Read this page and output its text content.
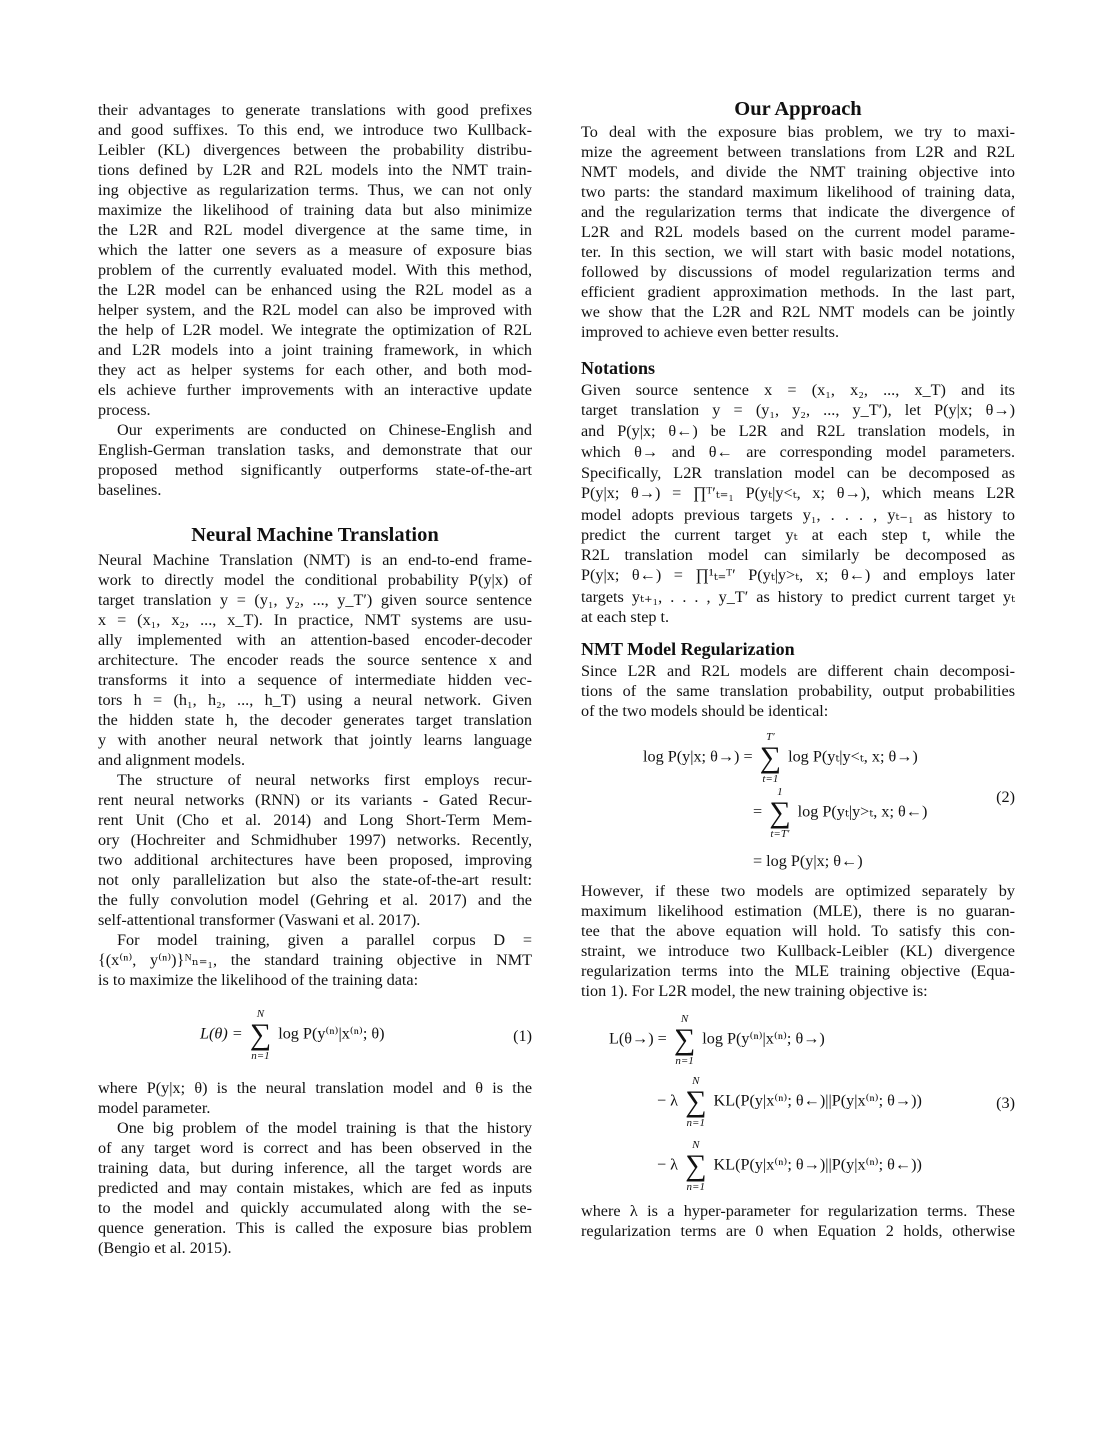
their advantages to generate translations with good prefixes
and good suffixes. To this end, we introduce two Kullback-
Leibler (KL) divergences between the probability distribu-
tions defined by L2R and R2L models into the NMT train-
ing objective as regularization terms. Thus, we can not only
maximize the likelihood of training data but also minimize
the L2R and R2L model divergence at the same time, in
which the latter one severs as a measure of exposure bias
problem of the currently evaluated model. With this method,
the L2R model can be enhanced using the R2L model as a
helper system, and the R2L model can also be improved with
the help of L2R model. We integrate the optimization of R2L
and L2R models into a joint training framework, in which
they act as helper systems for each other, and both mod-
els achieve further improvements with an interactive update
process.
Our experiments are conducted on Chinese-English and
English-German translation tasks, and demonstrate that our
proposed method significantly outperforms state-of-the-art
baselines.
Neural Machine Translation
Neural Machine Translation (NMT) is an end-to-end frame-
work to directly model the conditional probability P(y|x) of
target translation y = (y₁, y₂, ..., y_T′) given source sentence
x = (x₁, x₂, ..., x_T). In practice, NMT systems are usu-
ally implemented with an attention-based encoder-decoder
architecture. The encoder reads the source sentence x and
transforms it into a sequence of intermediate hidden vec-
tors h = (h₁, h₂, ..., h_T) using a neural network. Given
the hidden state h, the decoder generates target translation
y with another neural network that jointly learns language
and alignment models.
The structure of neural networks first employs recur-
rent neural networks (RNN) or its variants - Gated Recur-
rent Unit (Cho et al. 2014) and Long Short-Term Mem-
ory (Hochreiter and Schmidhuber 1997) networks. Recently,
two additional architectures have been proposed, improving
not only parallelization but also the state-of-the-art result:
the fully convolution model (Gehring et al. 2017) and the
self-attentional transformer (Vaswani et al. 2017).
For model training, given a parallel corpus D =
{(x⁽ⁿ⁾, y⁽ⁿ⁾)}ᴺₙ₌₁, the standard training objective in NMT
is to maximize the likelihood of the training data:
L(θ) =
N
∑
n=1
log P(y⁽ⁿ⁾|x⁽ⁿ⁾; θ)	(1)
where P(y|x; θ) is the neural translation model and θ is the
model parameter.
One big problem of the model training is that the history
of any target word is correct and has been observed in the
training data, but during inference, all the target words are
predicted and may contain mistakes, which are fed as inputs
to the model and quickly accumulated along with the se-
quence generation. This is called the exposure bias problem
(Bengio et al. 2015).
Our Approach
To deal with the exposure bias problem, we try to maxi-
mize the agreement between translations from L2R and R2L
NMT models, and divide the NMT training objective into
two parts: the standard maximum likelihood of training data,
and the regularization terms that indicate the divergence of
L2R and R2L models based on the current model parame-
ter. In this section, we will start with basic model notations,
followed by discussions of model regularization terms and
efficient gradient approximation methods. In the last part,
we show that the L2R and R2L NMT models can be jointly
improved to achieve even better results.
Notations
Given source sentence x = (x₁, x₂, ..., x_T) and its
target translation y = (y₁, y₂, ..., y_T′), let P(y|x; θ→)
and P(y|x; θ←) be L2R and R2L translation models, in
which θ→ and θ← are corresponding model parameters.
Specifically, L2R translation model can be decomposed as
P(y|x; θ→) = ∏ᵀ′ₜ₌₁ P(yₜ|y<ₜ, x; θ→), which means L2R
model adopts previous targets y₁, . . . , yₜ₋₁ as history to
predict the current target yₜ at each step t, while the
R2L translation model can similarly be decomposed as
P(y|x; θ←) = ∏¹ₜ₌ᵀ′ P(yₜ|y>ₜ, x; θ←) and employs later
targets yₜ₊₁, . . . , y_T′ as history to predict current target yₜ
at each step t.
NMT Model Regularization
Since L2R and R2L models are different chain decomposi-
tions of the same translation probability, output probabilities
of the two models should be identical:
log P(y|x; θ→) =
T′
∑
t=1
log P(yₜ|y<ₜ, x; θ→)
=
1
∑
t=T′
log P(yₜ|y>ₜ, x; θ←)
= log P(y|x; θ←)
(2)
However, if these two models are optimized separately by
maximum likelihood estimation (MLE), there is no guaran-
tee that the above equation will hold. To satisfy this con-
straint, we introduce two Kullback-Leibler (KL) divergence
regularization terms into the MLE training objective (Equa-
tion 1). For L2R model, the new training objective is:
L(θ→) =
N
∑
n=1
log P(y⁽ⁿ⁾|x⁽ⁿ⁾; θ→)
− λ
N
∑
n=1
KL(P(y|x⁽ⁿ⁾; θ←)||P(y|x⁽ⁿ⁾; θ→))
− λ
N
∑
n=1
KL(P(y|x⁽ⁿ⁾; θ→)||P(y|x⁽ⁿ⁾; θ←))
(3)
where λ is a hyper-parameter for regularization terms. These
regularization terms are 0 when Equation 2 holds, otherwise
